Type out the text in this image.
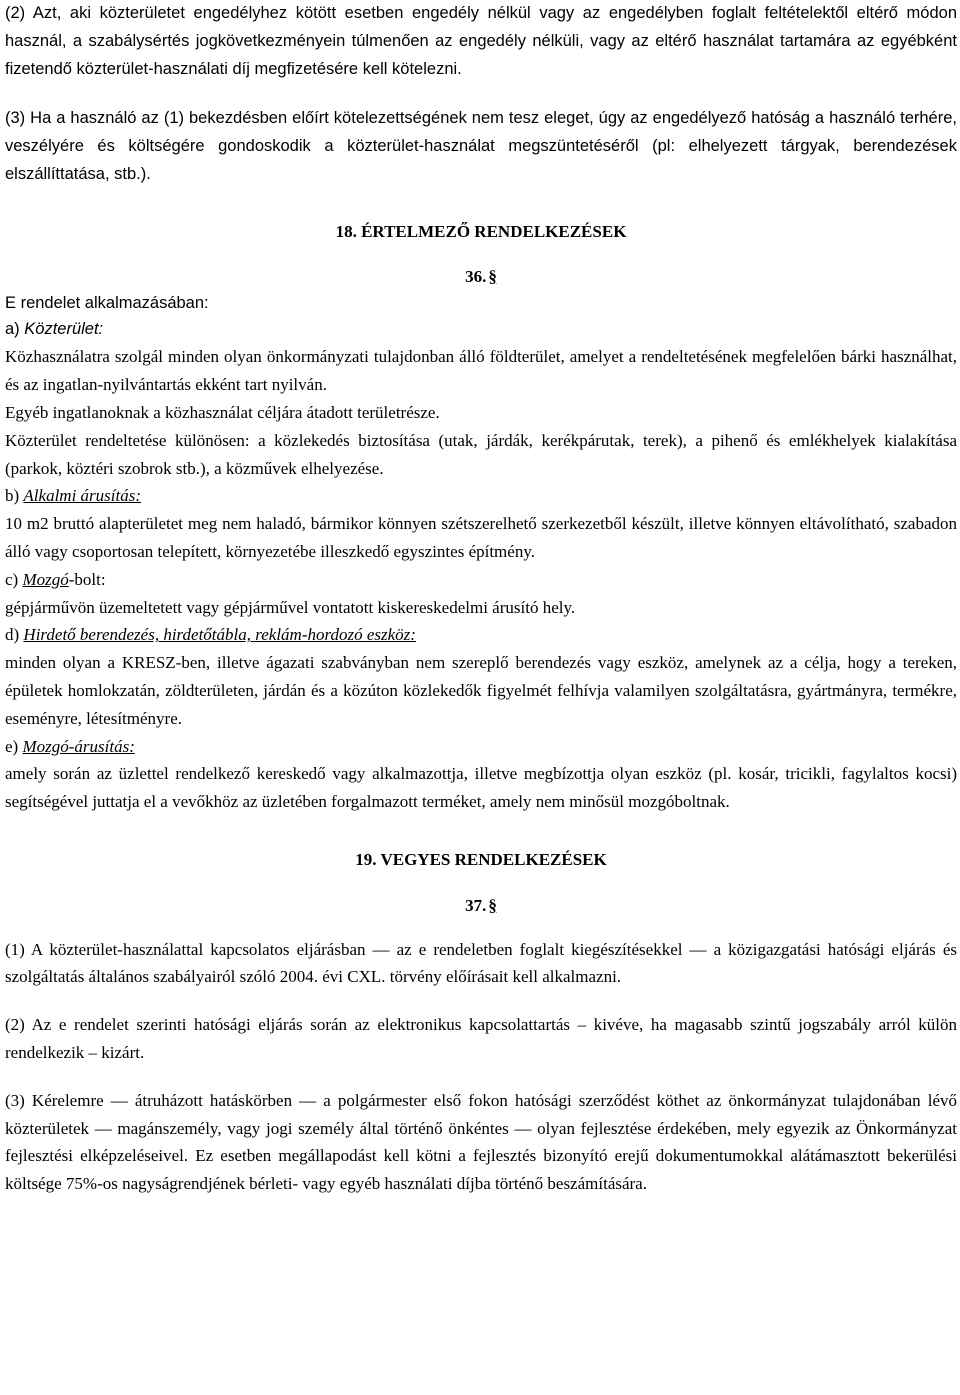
(2) Azt, aki közterületet engedélyhez kötött esetben engedély nélkül vagy az engedélyben foglalt feltételektől eltérő módon használ, a szabálysértés jogkövetkezményein túlmenően az engedély nélküli, vagy az eltérő használat tartamára az egyébként fizetendő közterület-használati díj megfizetésére kell kötelezni.

(3) Ha a használó az (1) bekezdésben előírt kötelezettségének nem tesz eleget, úgy az engedélyező hatóság a használó terhére, veszélyére és költségére gondoskodik a közterület-használat megszüntetéséről (pl: elhelyezett tárgyak, berendezések elszállíttatása, stb.).

18. ÉRTELMEZŐ RENDELKEZÉSEK

36. §

E rendelet alkalmazásában:

a) Közterület:

Közhasználatra szolgál minden olyan önkormányzati tulajdonban álló földterület, amelyet a rendeltetésének megfelelően bárki használhat, és az ingatlan-nyilvántartás ekként tart nyilván.

Egyéb ingatlanoknak a közhasználat céljára átadott területrésze.

Közterület rendeltetése különösen: a közlekedés biztosítása (utak, járdák, kerékpárutak, terek), a pihenő és emlékhelyek kialakítása (parkok, köztéri szobrok stb.), a közművek elhelyezése.

b) Alkalmi árusítás:

10 m2 bruttó alapterületet meg nem haladó, bármikor könnyen szétszerelhető szerkezetből készült, illetve könnyen eltávolítható, szabadon álló vagy csoportosan telepített, környezetébe illeszkedő egyszintes építmény.

c) Mozgó-bolt:

gépjárművön üzemeltetett vagy gépjárművel vontatott kiskereskedelmi árusító hely.

d) Hirdető berendezés, hirdetőtábla, reklám-hordozó eszköz:

minden olyan a KRESZ-ben, illetve ágazati szabványban nem szereplő berendezés vagy eszköz, amelynek az a célja, hogy a tereken, épületek homlokzatán, zöldterületen, járdán és a közúton közlekedők figyelmét felhívja valamilyen szolgáltatásra, gyártmányra, termékre, eseményre, létesítményre.

e) Mozgó-árusítás:

amely során az üzlettel rendelkező kereskedő vagy alkalmazottja, illetve megbízottja olyan eszköz (pl. kosár, tricikli, fagylaltos kocsi) segítségével juttatja el a vevőkhöz az üzletében forgalmazott terméket, amely nem minősül mozgóboltnak.

19. VEGYES RENDELKEZÉSEK

37. §

(1) A közterület-használattal kapcsolatos eljárásban — az e rendeletben foglalt kiegészítésekkel — a közigazgatási hatósági eljárás és szolgáltatás általános szabályairól szóló 2004. évi CXL. törvény előírásait kell alkalmazni.

(2) Az e rendelet szerinti hatósági eljárás során az elektronikus kapcsolattartás – kivéve, ha magasabb szintű jogszabály arról külön rendelkezik – kizárt.

(3) Kérelemre — átruházott hatáskörben — a polgármester első fokon hatósági szerződést köthet az önkormányzat tulajdonában lévő közterületek — magánszemély, vagy jogi személy által történő önkéntes — olyan fejlesztése érdekében, mely egyezik az Önkormányzat fejlesztési elképzeléseivel. Ez esetben megállapodást kell kötni a fejlesztés bizonyító erejű dokumentumokkal alátámasztott bekerülési költsége 75%-os nagyságrendjének bérleti- vagy egyéb használati díjba történő beszámítására.
